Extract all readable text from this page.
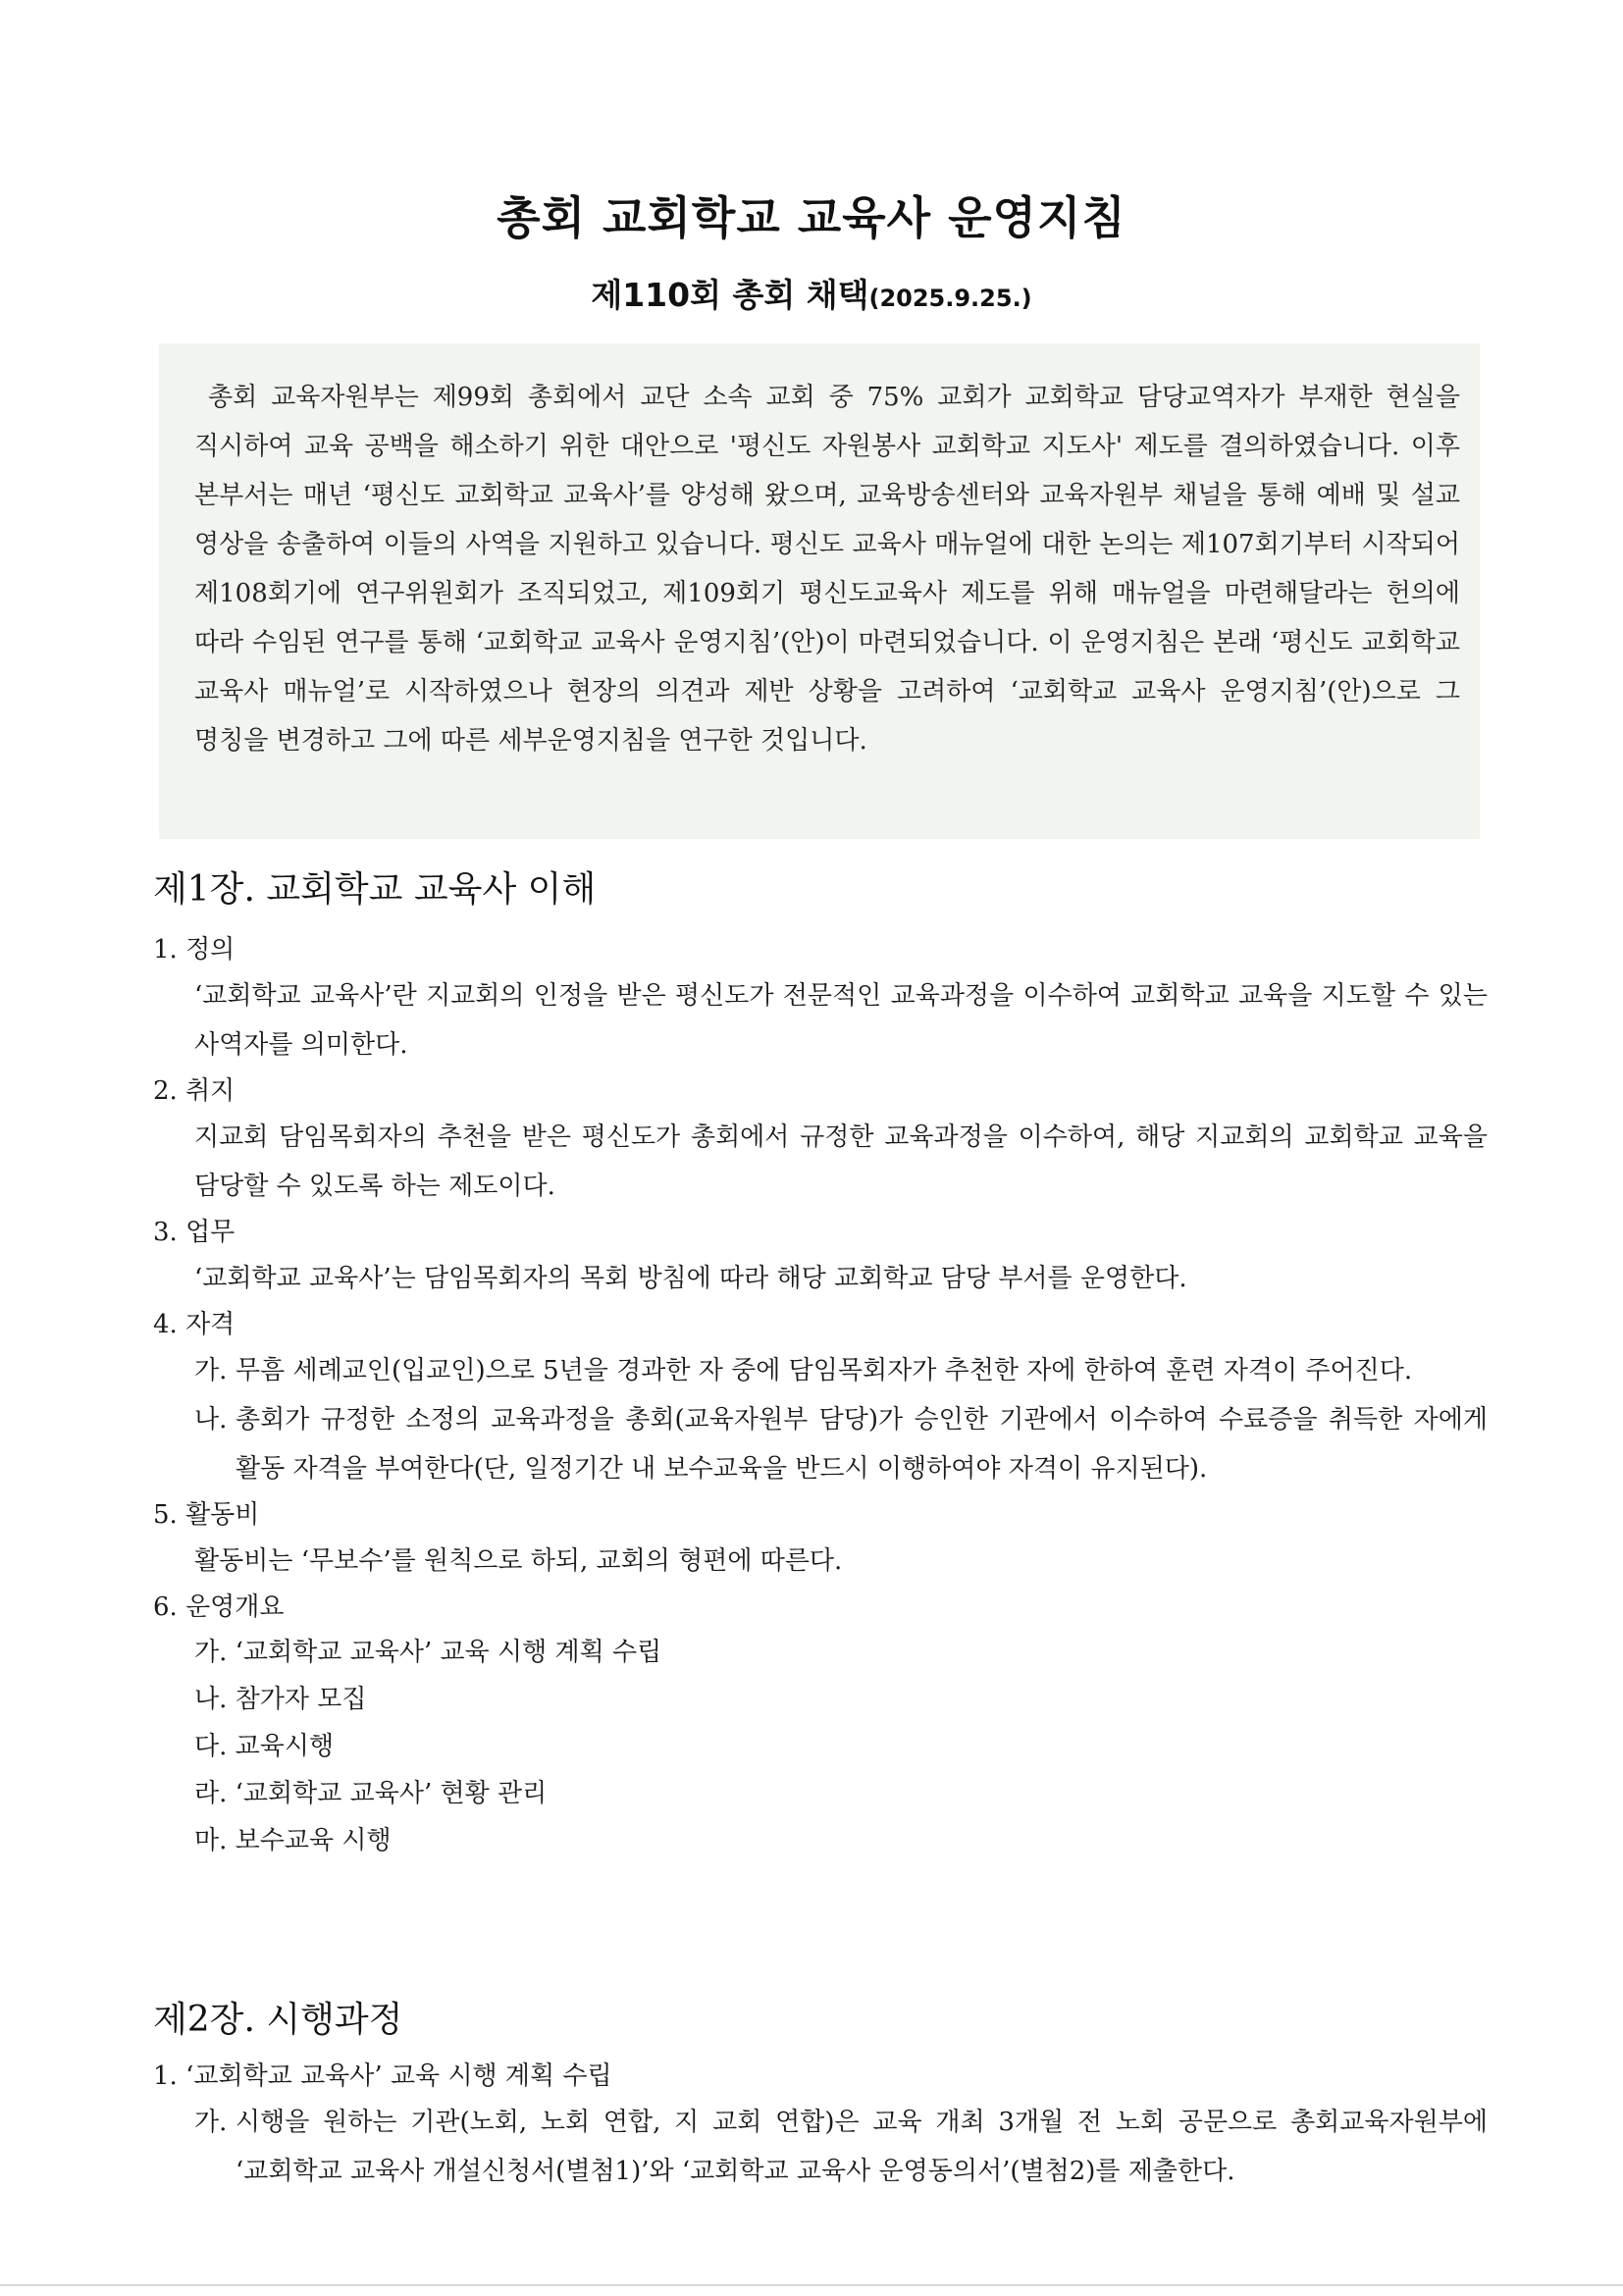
총회 교회학교 교육사 운영지침
제110회 총회 채택(2025.9.25.)

총회 교육자원부는 제99회 총회에서 교단 소속 교회 중 75% 교회가 교회학교 담당교역자가 부재한 현실을 직시하여 교육 공백을 해소하기 위한 대안으로 '평신도 자원봉사 교회학교 지도사' 제도를 결의하였습니다. 이후 본부서는 매년 ‘평신도 교회학교 교육사’를 양성해 왔으며, 교육방송센터와 교육자원부 채널을 통해 예배 및 설교 영상을 송출하여 이들의 사역을 지원하고 있습니다. 평신도 교육사 매뉴얼에 대한 논의는 제107회기부터 시작되어 제108회기에 연구위원회가 조직되었고, 제109회기 평신도교육사 제도를 위해 매뉴얼을 마련해달라는 헌의에 따라 수임된 연구를 통해 ‘교회학교 교육사 운영지침’(안)이 마련되었습니다. 이 운영지침은 본래 ‘평신도 교회학교 교육사 매뉴얼’로 시작하였으나 현장의 의견과 제반 상황을 고려하여 ‘교회학교 교육사 운영지침’(안)으로 그 명칭을 변경하고 그에 따른 세부운영지침을 연구한 것입니다.

제1장. 교회학교 교육사 이해
1. 정의
‘교회학교 교육사’란 지교회의 인정을 받은 평신도가 전문적인 교육과정을 이수하여 교회학교 교육을 지도할 수 있는 사역자를 의미한다.
2. 취지
지교회 담임목회자의 추천을 받은 평신도가 총회에서 규정한 교육과정을 이수하여, 해당 지교회의 교회학교 교육을 담당할 수 있도록 하는 제도이다.
3. 업무
‘교회학교 교육사’는 담임목회자의 목회 방침에 따라 해당 교회학교 담당 부서를 운영한다.
4. 자격
가. 무흠 세례교인(입교인)으로 5년을 경과한 자 중에 담임목회자가 추천한 자에 한하여 훈련 자격이 주어진다.
나. 총회가 규정한 소정의 교육과정을 총회(교육자원부 담당)가 승인한 기관에서 이수하여 수료증을 취득한 자에게 활동 자격을 부여한다(단, 일정기간 내 보수교육을 반드시 이행하여야 자격이 유지된다).
5. 활동비
활동비는 ‘무보수’를 원칙으로 하되, 교회의 형편에 따른다.
6. 운영개요
가. ‘교회학교 교육사’ 교육 시행 계획 수립
나. 참가자 모집
다. 교육시행
라. ‘교회학교 교육사’ 현황 관리
마. 보수교육 시행
제2장. 시행과정
1. ‘교회학교 교육사’ 교육 시행 계획 수립
가. 시행을 원하는 기관(노회, 노회 연합, 지 교회 연합)은 교육 개최 3개월 전 노회 공문으로 총회교육자원부에 ‘교회학교 교육사 개설신청서(별첨1)’와 ‘교회학교 교육사 운영동의서’(별첨2)를 제출한다.
